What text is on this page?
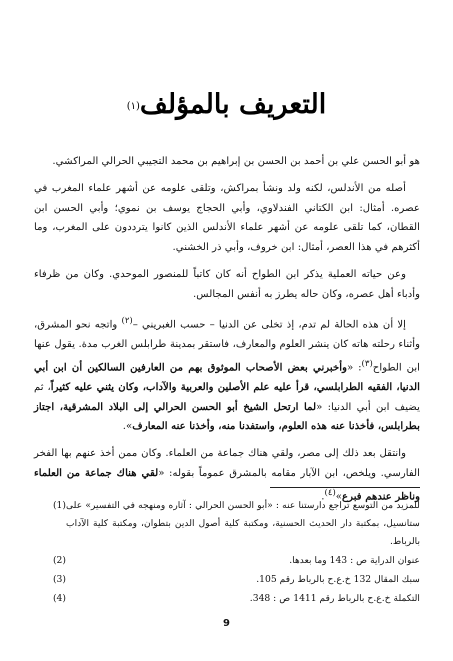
التعريف بالمؤلف$^{(١)}$

هو أبو الحسن علي بن أحمد بن الحسن بن إبراهيم بن محمد التجيبي الحرالي المراكشي.

أصله من الأندلس، لكنه ولد ونشأ بمراكش، وتلقى علومه عن أشهر علماء المغرب في عصره. أمثال: ابن الكتاني الفندلاوي، وأبي الحجاج يوسف بن نموي؛ وأبي الحسن ابن القطان، كما تلقى علومه عن أشهر علماء الأندلس الذين كانوا يترددون على المغرب، وما أكثرهم في هذا العصر، أمثال: ابن خروف، وأبي ذر الخشني.

وعن حياته العملية يذكر ابن الطواح أنه كان كاتباً للمنصور الموحدي. وكان من ظرفاء وأدباء أهل عصره، وكان حاله يطرز به أنفس المجالس.

إلا أن هذه الحالة لم تدم، إذ تخلى عن الدنيا – حسب الغبريني –$^{(٢)}$ واتجه نحو المشرق، وأثناء رحلته هاته كان ينشر العلوم والمعارف، فاستقر بمدينة طرابلس الغرب مدة. يقول عنها ابن الطواح$^{(٣)}$: «وأخبرني بعض الأصحاب الموثوق بهم من العارفين السالكين أن ابن أبي الدنيا، الفقيه الطرابلسي، قرأ عليه علم الأصلين والعربية والآداب، وكان يثني عليه كثيراً، ثم يضيف ابن أبي الدنيا: «لما ارتحل الشيخ أبو الحسن الحرالي إلى البلاد المشرقية، اجتاز بطرابلس، فأخذنا عنه هذه العلوم، واستفدنا منه، وأخذنا عنه المعارف».

وانتقل بعد ذلك إلى مصر، ولقي هناك جماعة من العلماء. وكان ممن أخذ عنهم بها الفخر الفارسي. ويلخص، ابن الآبار مقامه بالمشرق عموماً بقوله: «لقي هناك جماعة من العلماء وناظر عندهم فبرع»$^{(٤)}$.

للمزيد من التوسع تراجع دارستنا عنه : «أبو الحسن الحرالي : آثاره ومنهجه في التفسير» على ستانسيل، بمكتبة دار الحديث الحسنية، ومكتبة كلية أصول الدين بتطوان، ومكتبة كلية الآداب بالرباط.
(1)
عنوان الدراية ص : 143 وما بعدها.
(2)
سبك المقال 132 خ.ع.ح بالرباط رقم 105.
(3)
التكملة خ.ع.ح بالرباط رقم 1411 ص : 348.
(4)
9
